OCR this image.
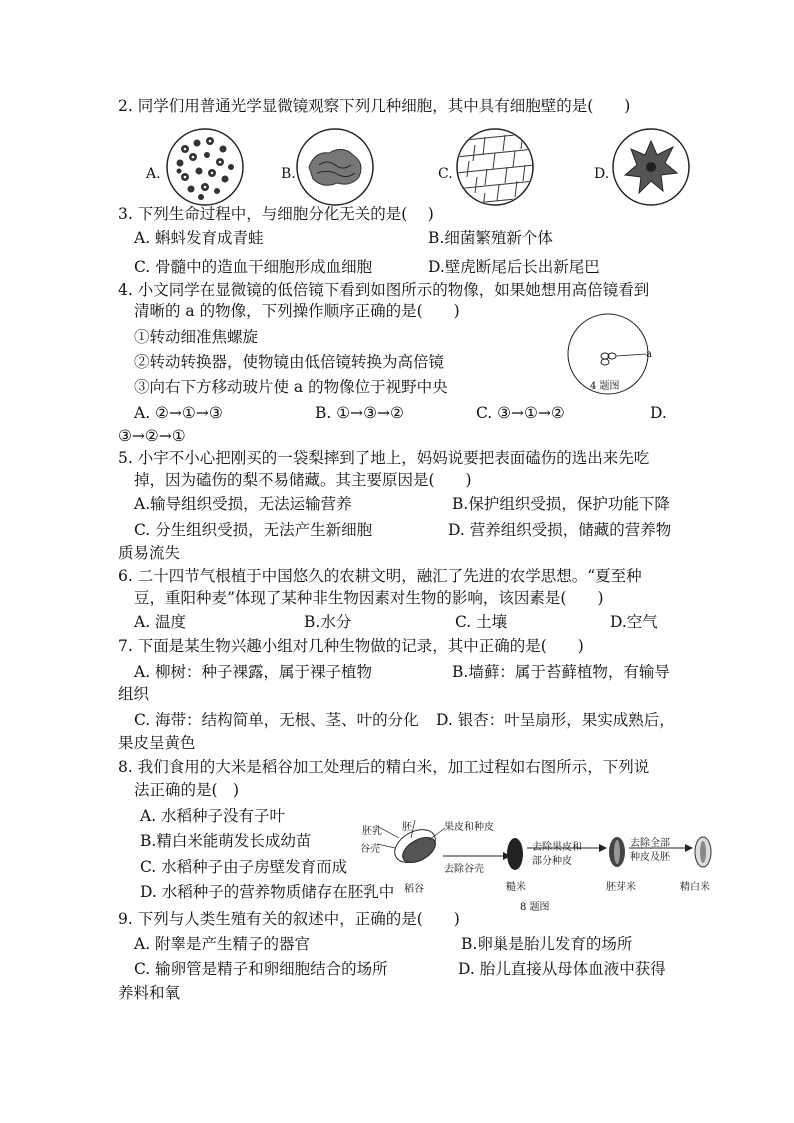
2. 同学们用普通光学显微镜观察下列几种细胞，其中具有细胞壁的是(　　)
A.	B.	C.	D.
3. 下列生命过程中，与细胞分化无关的是(　 )
A. 蝌蚪发育成青蛙	B.细菌繁殖新个体
C. 骨髓中的造血干细胞形成血细胞	D.壁虎断尾后长出新尾巴
4. 小文同学在显微镜的低倍镜下看到如图所示的物像，如果她想用高倍镜看到
清晰的 a 的物像，下列操作顺序正确的是(　　)
①转动细准焦螺旋
②转动转换器，使物镜由低倍镜转换为高倍镜
③向右下方移动玻片使 a 的物像位于视野中央
a
4 题图
A. ②→①→③	B. ①→③→②	C. ③→①→②	D.
③→②→①
5. 小宇不小心把刚买的一袋梨摔到了地上，妈妈说要把表面磕伤的选出来先吃
掉，因为磕伤的梨不易储藏。其主要原因是(　　)
A.输导组织受损，无法运输营养	B.保护组织受损，保护功能下降
C. 分生组织受损，无法产生新细胞	D. 营养组织受损，储藏的营养物
质易流失
6. 二十四节气根植于中国悠久的农耕文明，融汇了先进的农学思想。“夏至种
豆，重阳种麦”体现了某种非生物因素对生物的影响，该因素是(　　)
A. 温度	B.水分	C. 土壤	D.空气
7. 下面是某生物兴趣小组对几种生物做的记录，其中正确的是(　　)
A. 柳树：种子裸露，属于裸子植物	B.墙藓：属于苔藓植物，有输导
组织
C. 海带：结构简单，无根、茎、叶的分化 D. 银杏：叶呈扇形，果实成熟后，
果皮呈黄色
8. 我们食用的大米是稻谷加工处理后的精白米，加工过程如右图所示，下列说
法正确的是(　)
A. 水稻种子没有子叶
B.精白米能萌发长成幼苗
C. 水稻种子由子房壁发育而成
D. 水稻种子的营养物质储存在胚乳中
胚乳 胚	果皮和种皮
谷壳	去除果皮和
部分种皮
去除全部
种皮及胚
去除谷壳
稻谷	糙米	胚芽米	精白米
8 题图
9. 下列与人类生殖有关的叙述中，正确的是(　　)
A. 附睾是产生精子的器官	B.卵巢是胎儿发育的场所
C. 输卵管是精子和卵细胞结合的场所	D. 胎儿直接从母体血液中获得
养料和氧
